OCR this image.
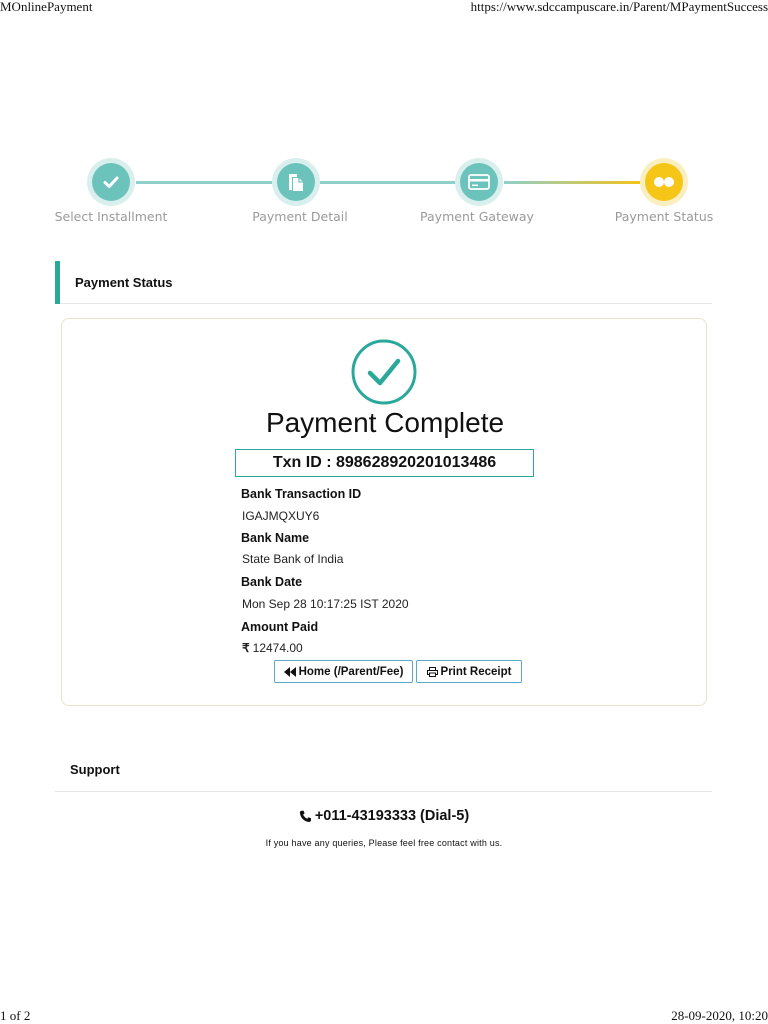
MOnlinePayment	https://www.sdccampuscare.in/Parent/MPaymentSuccess
Select Installment	Payment Detail	Payment Gateway	Payment Status
Payment Status
Payment Complete
Txn ID : 898628920201013486
Bank Transaction ID
IGAJMQXUY6
Bank Name
State Bank of India
Bank Date
Mon Sep 28 10:17:25 IST 2020
Amount Paid
₹ 12474.00
Home (/Parent/Fee)	Print Receipt
Support
+011-43193333 (Dial-5)
If you have any queries, Please feel free contact with us.
1 of 2	28-09-2020, 10:20
